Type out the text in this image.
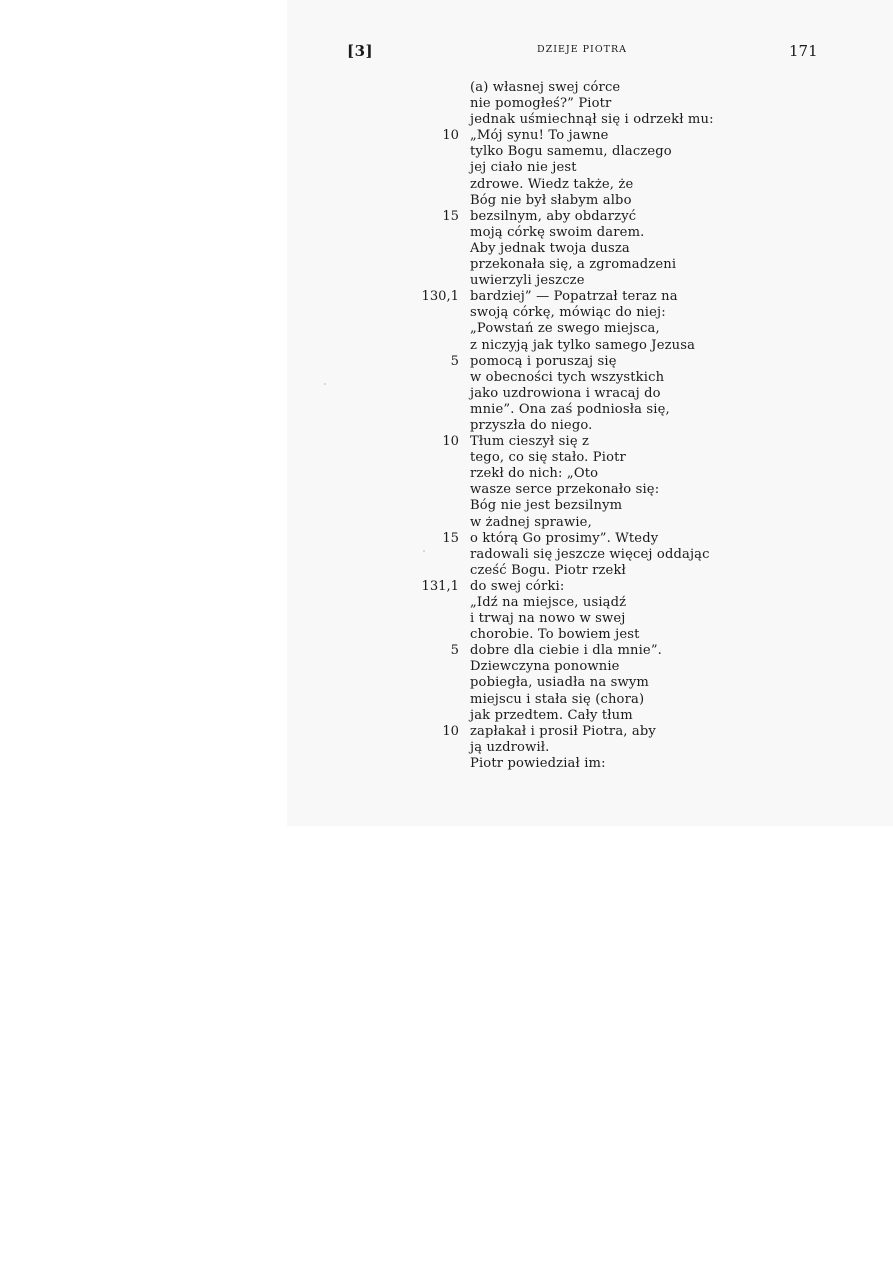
[3]	DZIEJE PIOTRA	171
(a) własnej swej córce
nie pomogłeś?” Piotr
jednak uśmiechnął się i odrzekł mu:
10 „Mój synu! To jawne
tylko Bogu samemu, dlaczego
jej ciało nie jest
zdrowe. Wiedz także, że
Bóg nie był słabym albo
15 bezsilnym, aby obdarzyć
moją córkę swoim darem.
Aby jednak twoja dusza
przekonała się, a zgromadzeni
uwierzyli jeszcze
130,1 bardziej” — Popatrzał teraz na
swoją córkę, mówiąc do niej:
„Powstań ze swego miejsca,
z niczyją jak tylko samego Jezusa
5 pomocą i poruszaj się
w obecności tych wszystkich
jako uzdrowiona i wracaj do
mnie”. Ona zaś podniosła się,
przyszła do niego.
10 Tłum cieszył się z
tego, co się stało. Piotr
rzekł do nich: „Oto
wasze serce przekonało się:
Bóg nie jest bezsilnym
w żadnej sprawie,
15 o którą Go prosimy”. Wtedy
radowali się jeszcze więcej oddając
cześć Bogu. Piotr rzekł
131,1 do swej córki:
„Idź na miejsce, usiądź
i trwaj na nowo w swej
chorobie. To bowiem jest
5 dobre dla ciebie i dla mnie”.
Dziewczyna ponownie
pobiegła, usiadła na swym
miejscu i stała się (chora)
jak przedtem. Cały tłum
10 zapłakał i prosił Piotra, aby
ją uzdrowił.
Piotr powiedział im:
